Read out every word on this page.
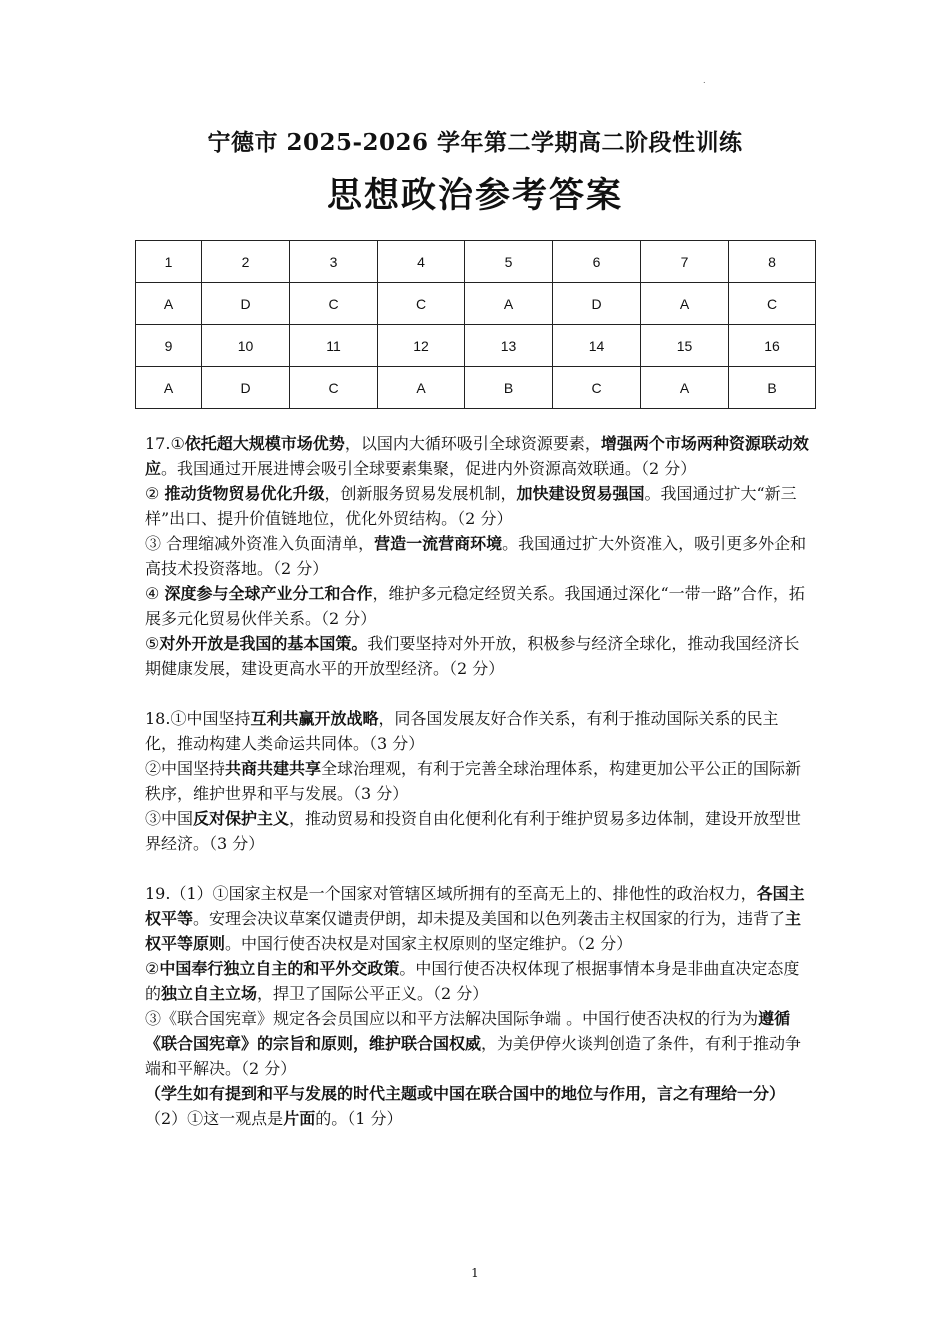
.
宁德市 2025-2026 学年第二学期高二阶段性训练
思想政治参考答案
1	2	3	4	5	6	7	8
A	D	C	C	A	D	A	C
9	10	11	12	13	14	15	16
A	D	C	A	B	C	A	B

17.①依托超大规模市场优势，以国内大循环吸引全球资源要素，增强两个市场两种资源联动效应。我国通过开展进博会吸引全球要素集聚，促进内外资源高效联通。（2 分）

② 推动货物贸易优化升级，创新服务贸易发展机制，加快建设贸易强国。我国通过扩大“新三样”出口、提升价值链地位，优化外贸结构。（2 分）

③ 合理缩减外资准入负面清单，营造一流营商环境。我国通过扩大外资准入，吸引更多外企和高技术投资落地。（2 分）

④ 深度参与全球产业分工和合作，维护多元稳定经贸关系。我国通过深化“一带一路”合作，拓展多元化贸易伙伴关系。（2 分）

⑤对外开放是我国的基本国策。我们要坚持对外开放，积极参与经济全球化，推动我国经济长期健康发展，建设更高水平的开放型经济。（2 分）

18.①中国坚持互利共赢开放战略，同各国发展友好合作关系，有利于推动国际关系的民主化，推动构建人类命运共同体。（3 分）

②中国坚持共商共建共享全球治理观，有利于完善全球治理体系，构建更加公平公正的国际新秩序，维护世界和平与发展。（3 分）

③中国反对保护主义，推动贸易和投资自由化便利化有利于维护贸易多边体制，建设开放型世界经济。（3 分）

19.（1）①国家主权是一个国家对管辖区域所拥有的至高无上的、排他性的政治权力，各国主权平等。安理会决议草案仅谴责伊朗，却未提及美国和以色列袭击主权国家的行为，违背了主权平等原则。中国行使否决权是对国家主权原则的坚定维护。（2 分）

②中国奉行独立自主的和平外交政策。中国行使否决权体现了根据事情本身是非曲直决定态度的独立自主立场，捍卫了国际公平正义。（2 分）

③《联合国宪章》规定各会员国应以和平方法解决国际争端 。中国行使否决权的行为为遵循《联合国宪章》的宗旨和原则，维护联合国权威，为美伊停火谈判创造了条件，有利于推动争端和平解决。（2 分）

（学生如有提到和平与发展的时代主题或中国在联合国中的地位与作用，言之有理给一分）

（2）①这一观点是片面的。（1 分）

1
